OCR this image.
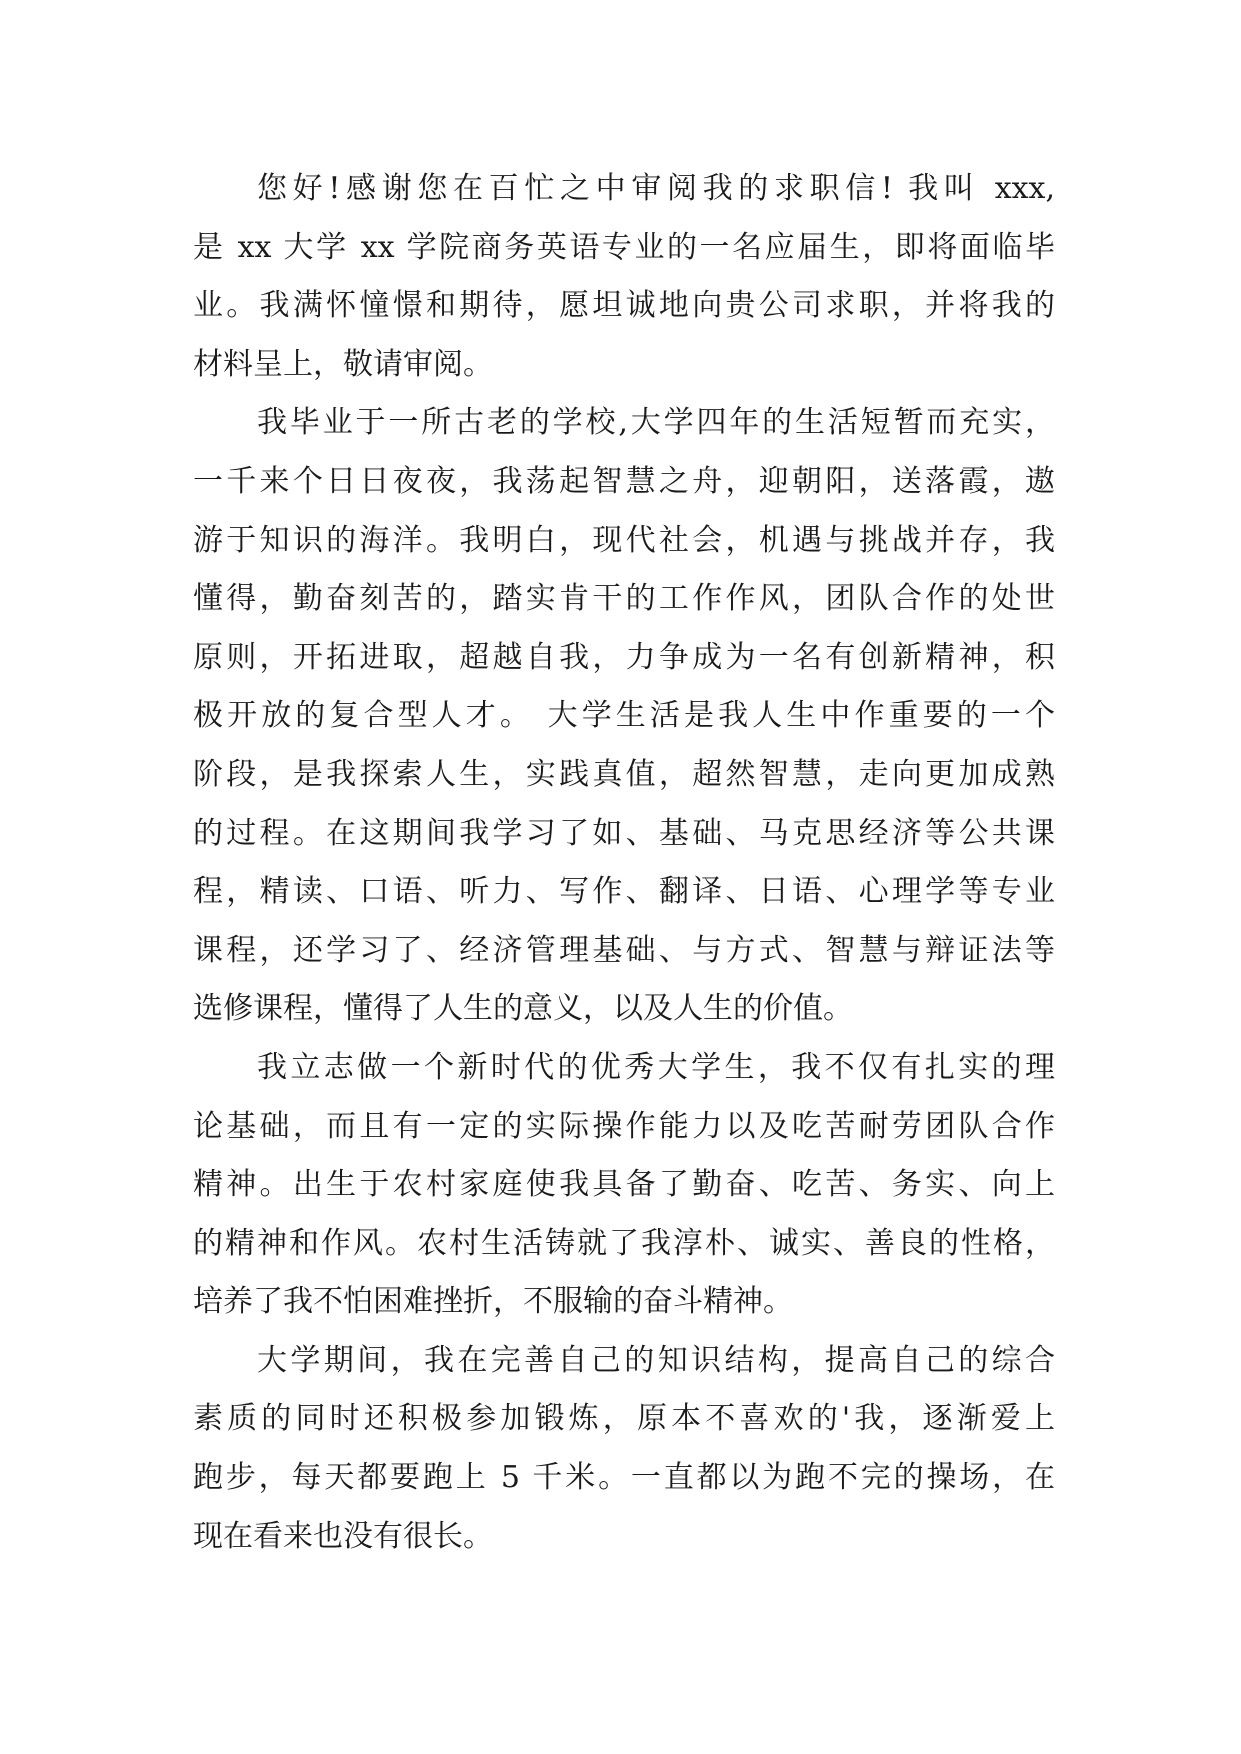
您好!感谢您在百忙之中审阅我的求职信! 我叫 xxx,
是 xx 大学 xx 学院商务英语专业的一名应届生，即将面临毕
业。我满怀憧憬和期待，愿坦诚地向贵公司求职，并将我的
材料呈上，敬请审阅。
我毕业于一所古老的学校,大学四年的生活短暂而充实，
一千来个日日夜夜，我荡起智慧之舟，迎朝阳，送落霞，遨
游于知识的海洋。我明白，现代社会，机遇与挑战并存，我
懂得，勤奋刻苦的，踏实肯干的工作作风，团队合作的处世
原则，开拓进取，超越自我，力争成为一名有创新精神，积
极开放的复合型人才。 大学生活是我人生中作重要的一个
阶段，是我探索人生，实践真值，超然智慧，走向更加成熟
的过程。在这期间我学习了如、基础、马克思经济等公共课
程，精读、口语、听力、写作、翻译、日语、心理学等专业
课程，还学习了、经济管理基础、与方式、智慧与辩证法等
选修课程，懂得了人生的意义，以及人生的价值。
我立志做一个新时代的优秀大学生，我不仅有扎实的理
论基础，而且有一定的实际操作能力以及吃苦耐劳团队合作
精神。出生于农村家庭使我具备了勤奋、吃苦、务实、向上
的精神和作风。农村生活铸就了我淳朴、诚实、善良的性格，
培养了我不怕困难挫折，不服输的奋斗精神。
大学期间，我在完善自己的知识结构，提高自己的综合
素质的同时还积极参加锻炼，原本不喜欢的'我，逐渐爱上
跑步，每天都要跑上 5 千米。一直都以为跑不完的操场，在
现在看来也没有很长。
